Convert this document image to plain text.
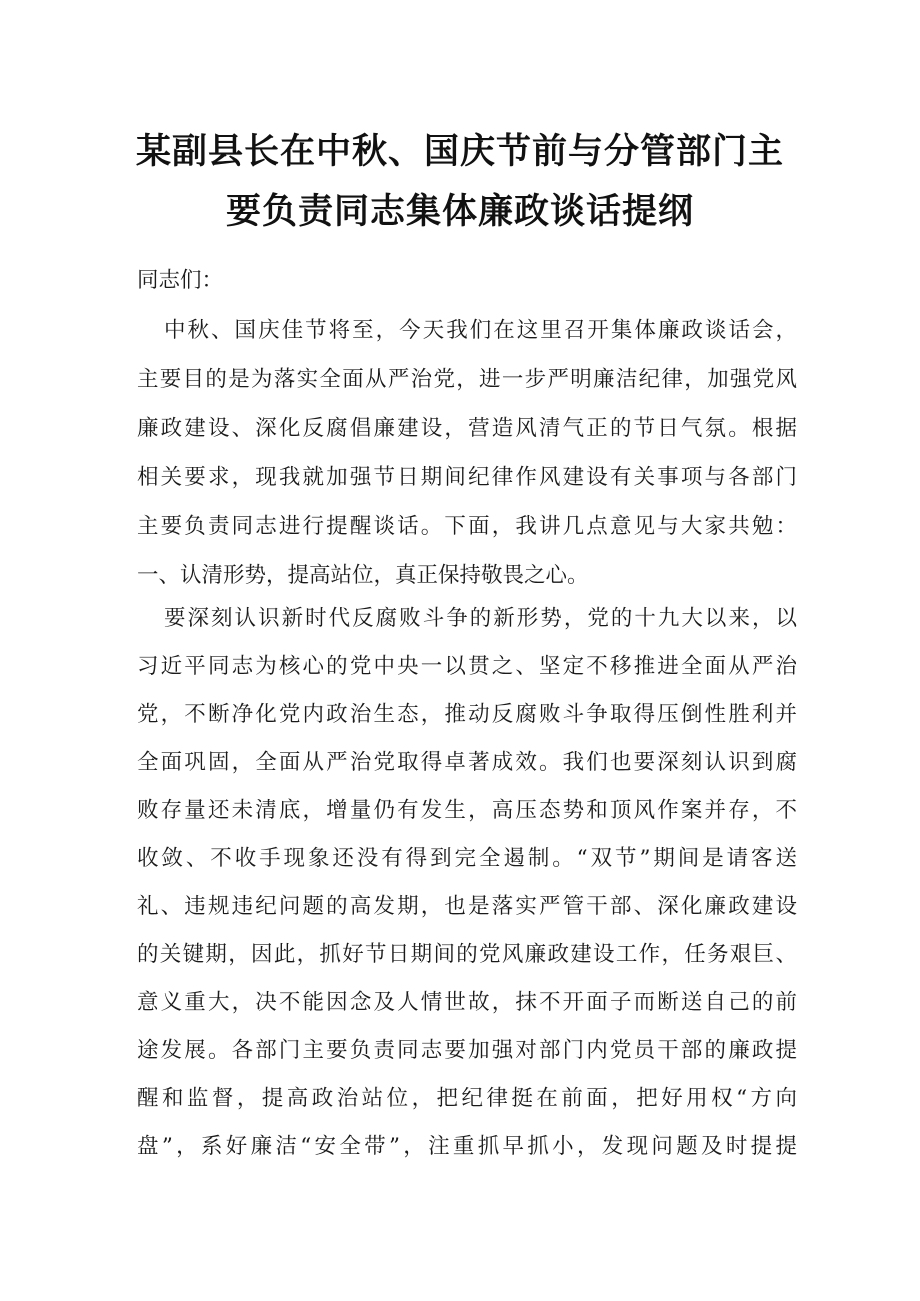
某副县长在中秋、国庆节前与分管部门主
要负责同志集体廉政谈话提纲

同志们：

中秋、国庆佳节将至，今天我们在这里召开集体廉政谈话会，

主要目的是为落实全面从严治党，进一步严明廉洁纪律，加强党风

廉政建设、深化反腐倡廉建设，营造风清气正的节日气氛。根据

相关要求，现我就加强节日期间纪律作风建设有关事项与各部门

主要负责同志进行提醒谈话。下面，我讲几点意见与大家共勉：

一、认清形势，提高站位，真正保持敬畏之心。

要深刻认识新时代反腐败斗争的新形势，党的十九大以来，以

习近平同志为核心的党中央一以贯之、坚定不移推进全面从严治

党，不断净化党内政治生态，推动反腐败斗争取得压倒性胜利并

全面巩固，全面从严治党取得卓著成效。我们也要深刻认识到腐

败存量还未清底，增量仍有发生，高压态势和顶风作案并存，不

收敛、不收手现象还没有得到完全遏制。“双节”期间是请客送

礼、违规违纪问题的高发期，也是落实严管干部、深化廉政建设

的关键期，因此，抓好节日期间的党风廉政建设工作，任务艰巨、

意义重大，决不能因念及人情世故，抹不开面子而断送自己的前

途发展。各部门主要负责同志要加强对部门内党员干部的廉政提

醒和监督，提高政治站位，把纪律挺在前面，把好用权“方向

盘”，系好廉洁“安全带”，注重抓早抓小，发现问题及时提提
